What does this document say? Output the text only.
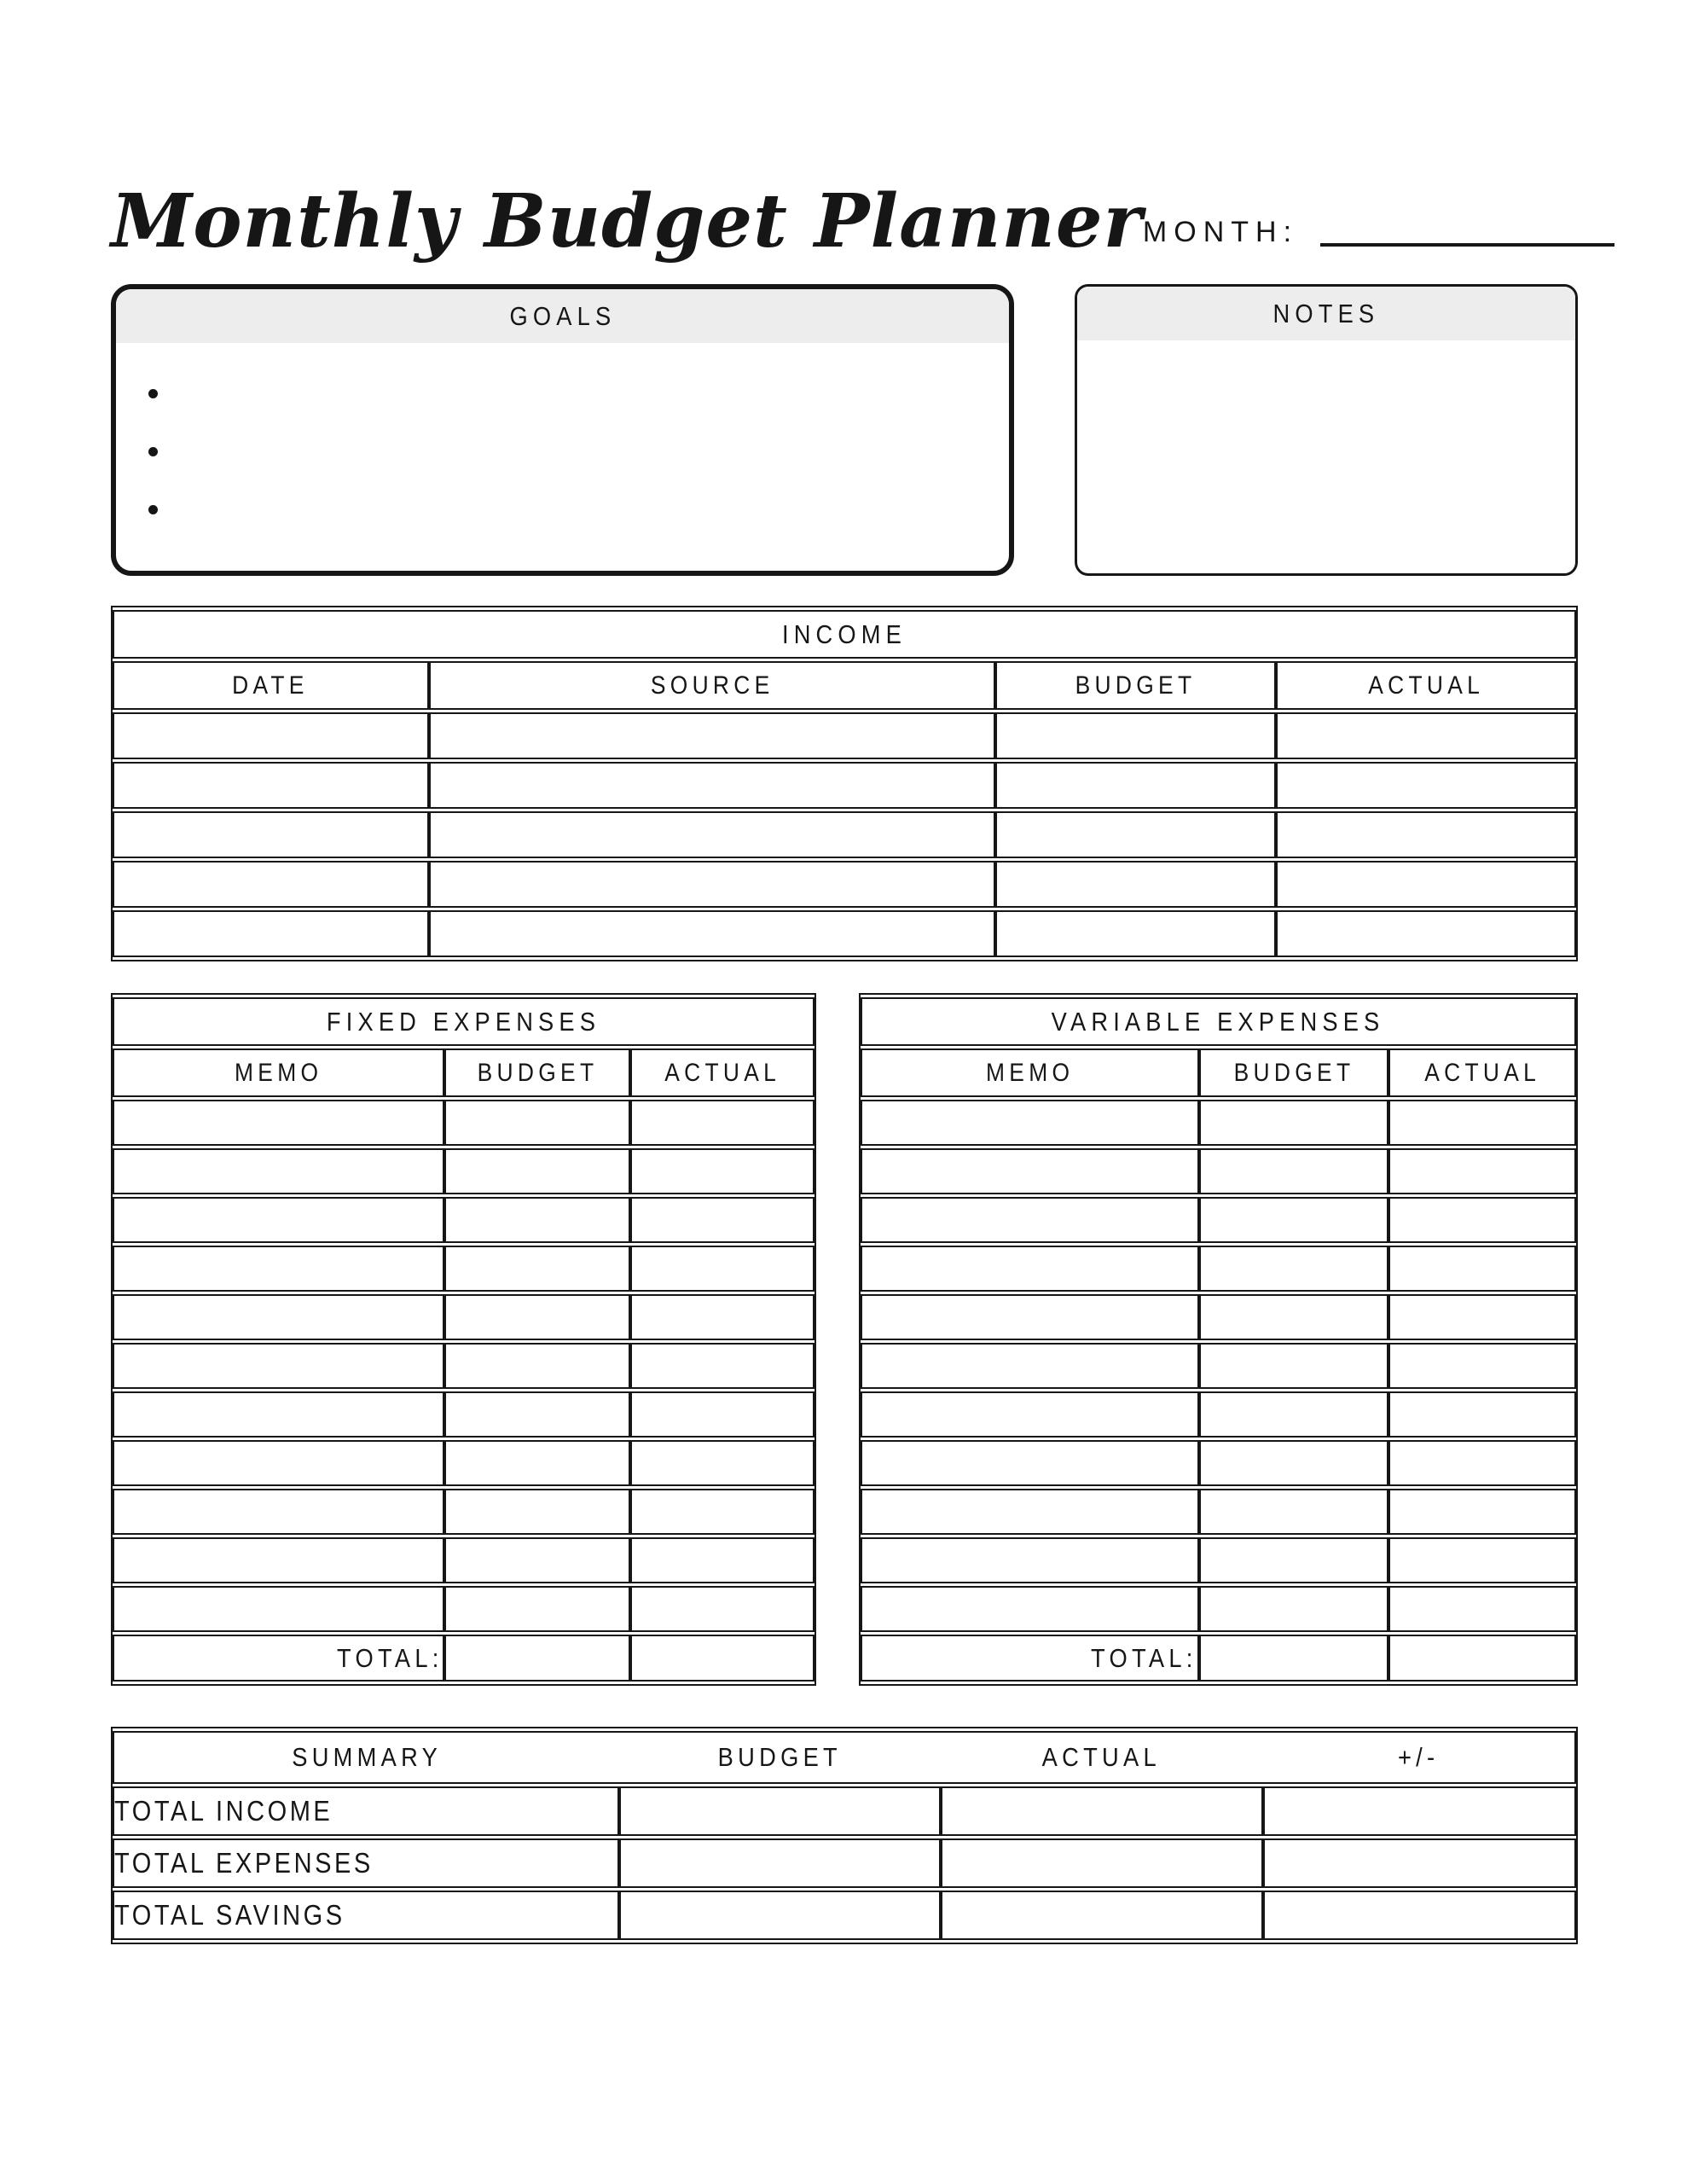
Monthly Budget Planner MONTH:
GOALS	NOTES
INCOME			
DATE	SOURCE	BUDGET	ACTUAL

FIXED EXPENSES		
MEMO	BUDGET	ACTUAL

TOTAL:		
VARIABLE EXPENSES		
MEMO	BUDGET	ACTUAL

TOTAL:		
SUMMARY BUDGET ACTUAL +/-			

TOTAL INCOME			
TOTAL EXPENSES			
TOTAL SAVINGS			
